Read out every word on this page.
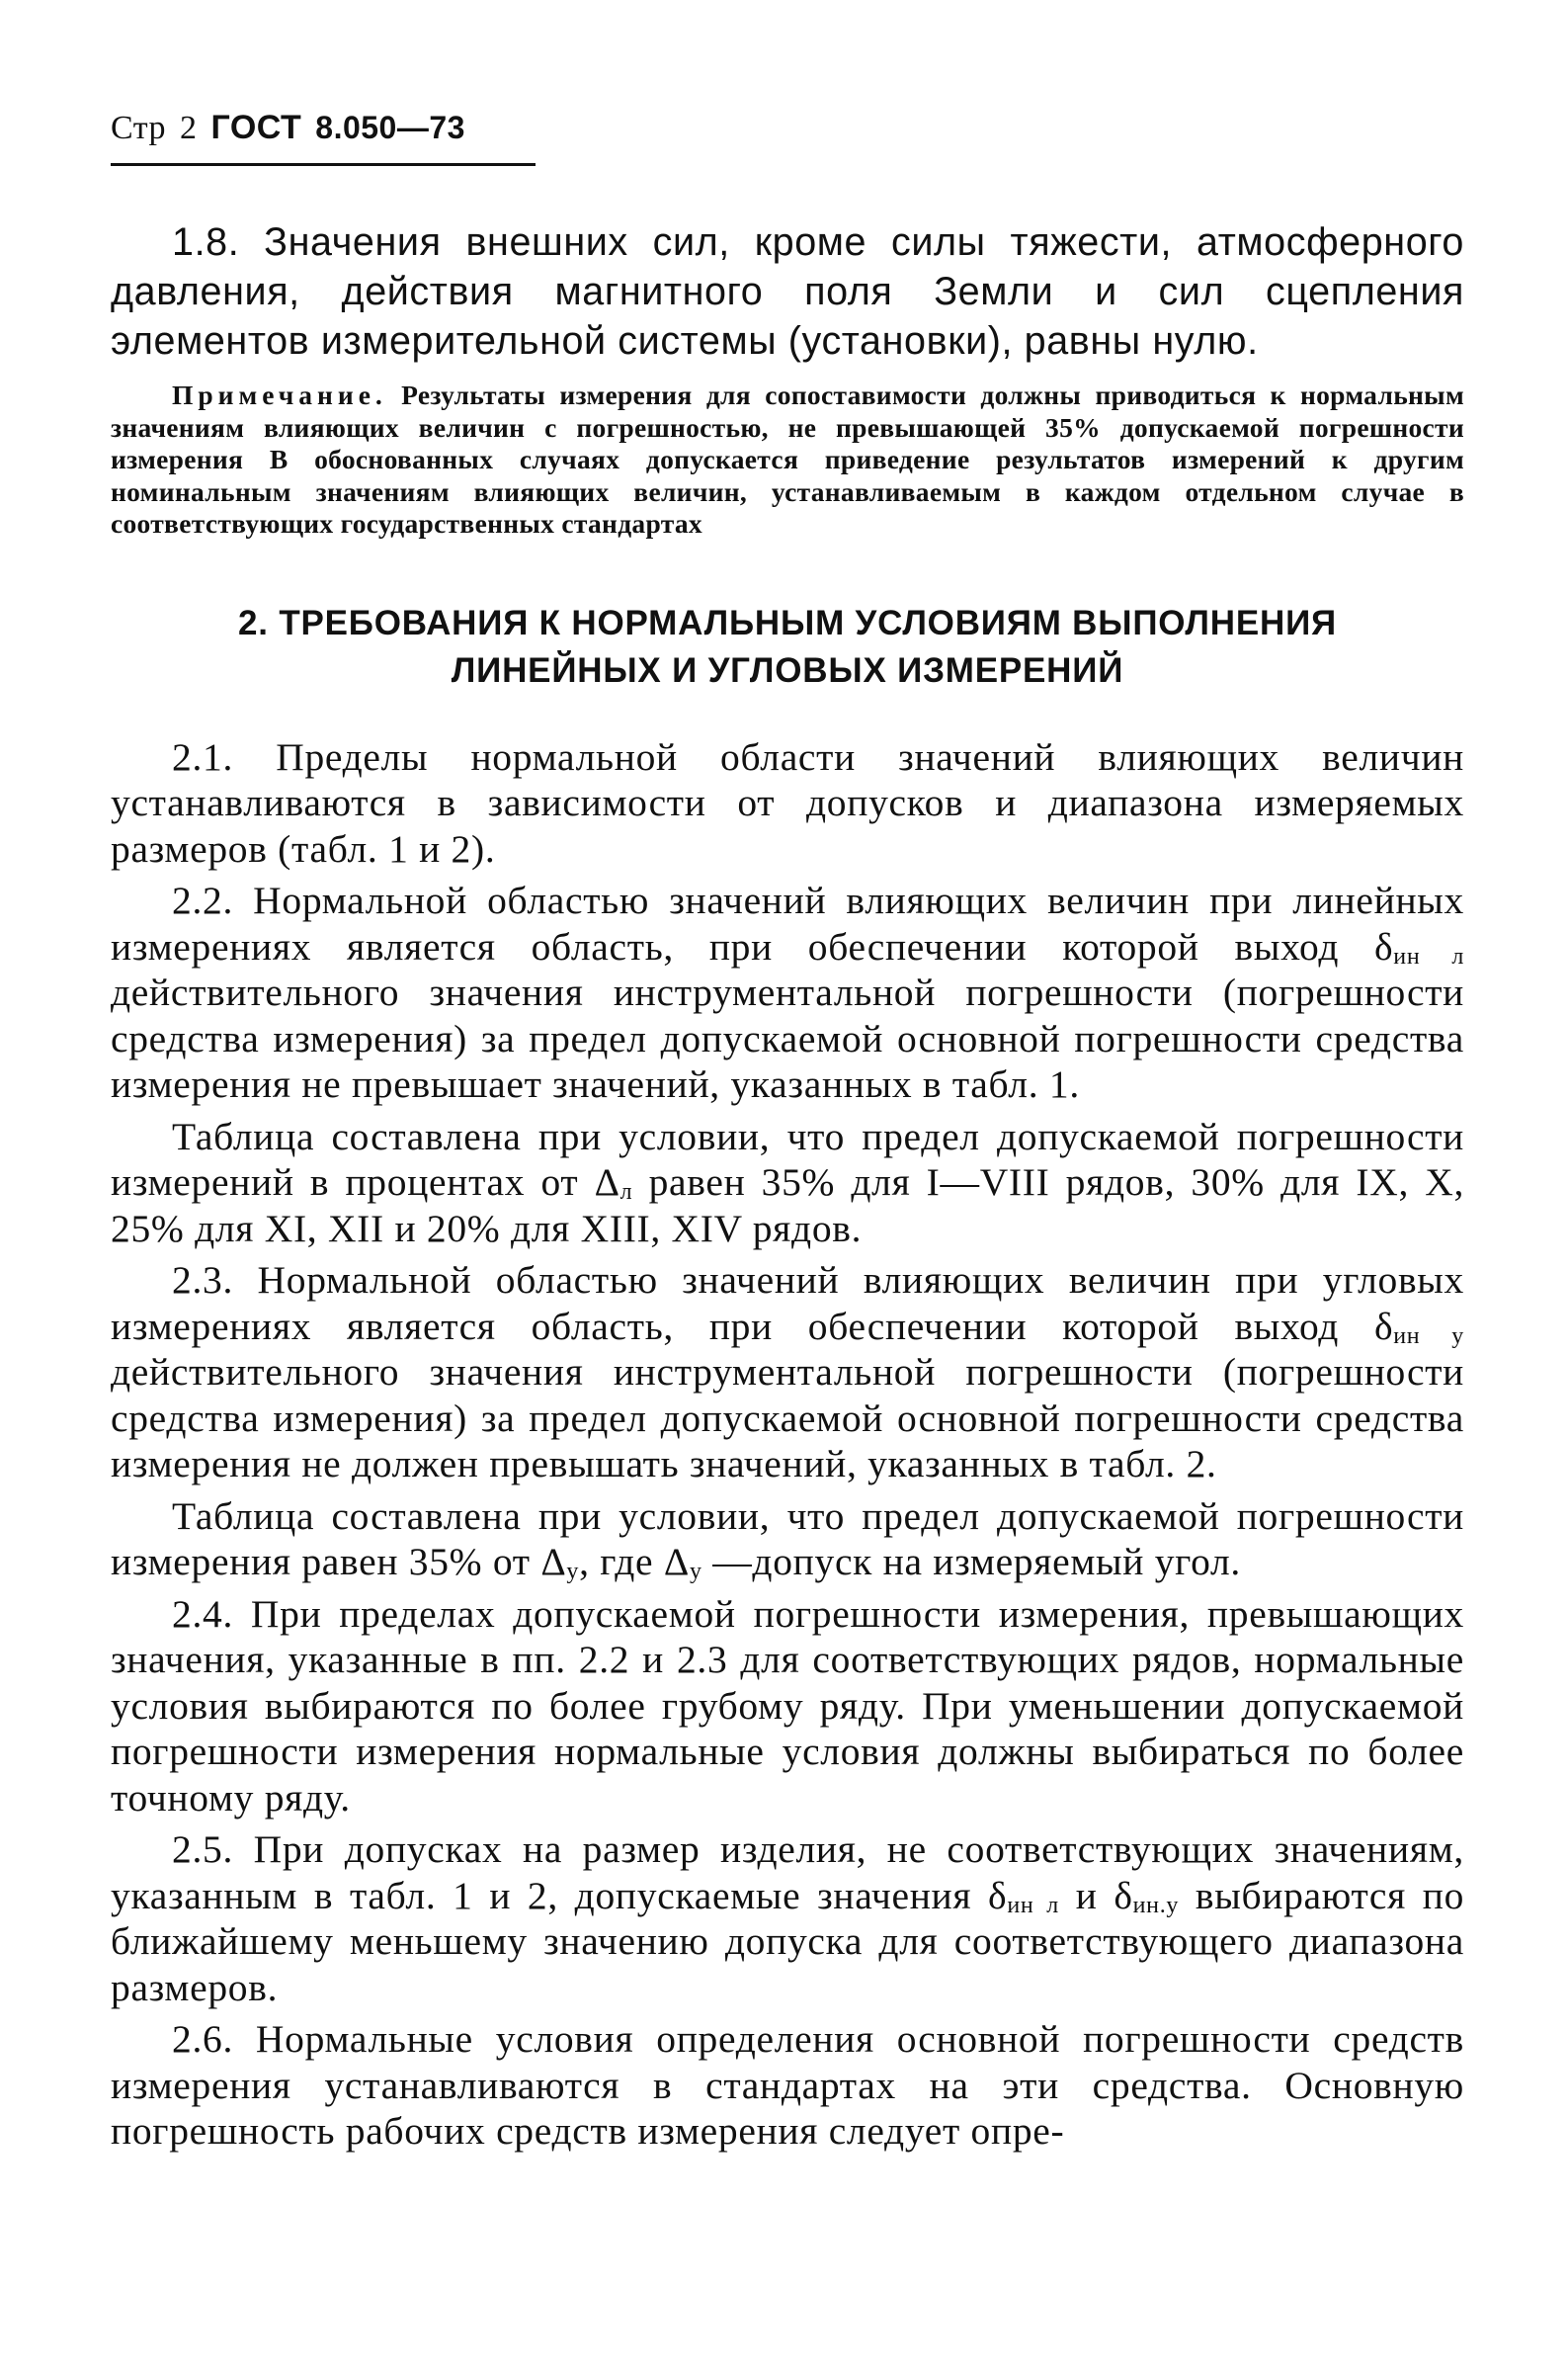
Стр 2 ГОСТ 8.050—73

1.8. Значения внешних сил, кроме силы тяжести, атмосферного давления, действия магнитного поля Земли и сил сцепления элементов измерительной системы (установки), равны нулю.

Примечание. Результаты измерения для сопоставимости должны приводиться к нормальным значениям влияющих величин с погрешностью, не превышающей 35% допускаемой погрешности измерения В обоснованных случаях допускается приведение результатов измерений к другим номинальным значениям влияющих величин, устанавливаемым в каждом отдельном случае в соответствующих государственных стандартах

2. ТРЕБОВАНИЯ К НОРМАЛЬНЫМ УСЛОВИЯМ ВЫПОЛНЕНИЯ
ЛИНЕЙНЫХ И УГЛОВЫХ ИЗМЕРЕНИЙ

2.1. Пределы нормальной области значений влияющих величин устанавливаются в зависимости от допусков и диапазона измеряемых размеров (табл. 1 и 2).

2.2. Нормальной областью значений влияющих величин при линейных измерениях является область, при обеспечении которой выход $\delta_{ин л}$ действительного значения инструментальной погрешности (погрешности средства измерения) за предел допускаемой основной погрешности средства измерения не превышает значений, указанных в табл. 1.

Таблица составлена при условии, что предел допускаемой погрешности измерений в процентах от $\Delta_л$ равен 35% для I—VIII рядов, 30% для IX, X, 25% для XI, XII и 20% для XIII, XIV рядов.

2.3. Нормальной областью значений влияющих величин при угловых измерениях является область, при обеспечении которой выход $\delta_{ин у}$ действительного значения инструментальной погрешности (погрешности средства измерения) за предел допускаемой основной погрешности средства измерения не должен превышать значений, указанных в табл. 2.

Таблица составлена при условии, что предел допускаемой погрешности измерения равен 35% от $\Delta_у$, где $\Delta_у$ —допуск на измеряемый угол.

2.4. При пределах допускаемой погрешности измерения, превышающих значения, указанные в пп. 2.2 и 2.3 для соответствующих рядов, нормальные условия выбираются по более грубому ряду. При уменьшении допускаемой погрешности измерения нормальные условия должны выбираться по более точному ряду.

2.5. При допусках на размер изделия, не соответствующих значениям, указанным в табл. 1 и 2, допускаемые значения $\delta_{ин л}$ и $\delta_{ин.у}$ выбираются по ближайшему меньшему значению допуска для соответствующего диапазона размеров.

2.6. Нормальные условия определения основной погрешности средств измерения устанавливаются в стандартах на эти средства. Основную погрешность рабочих средств измерения следует опре-
